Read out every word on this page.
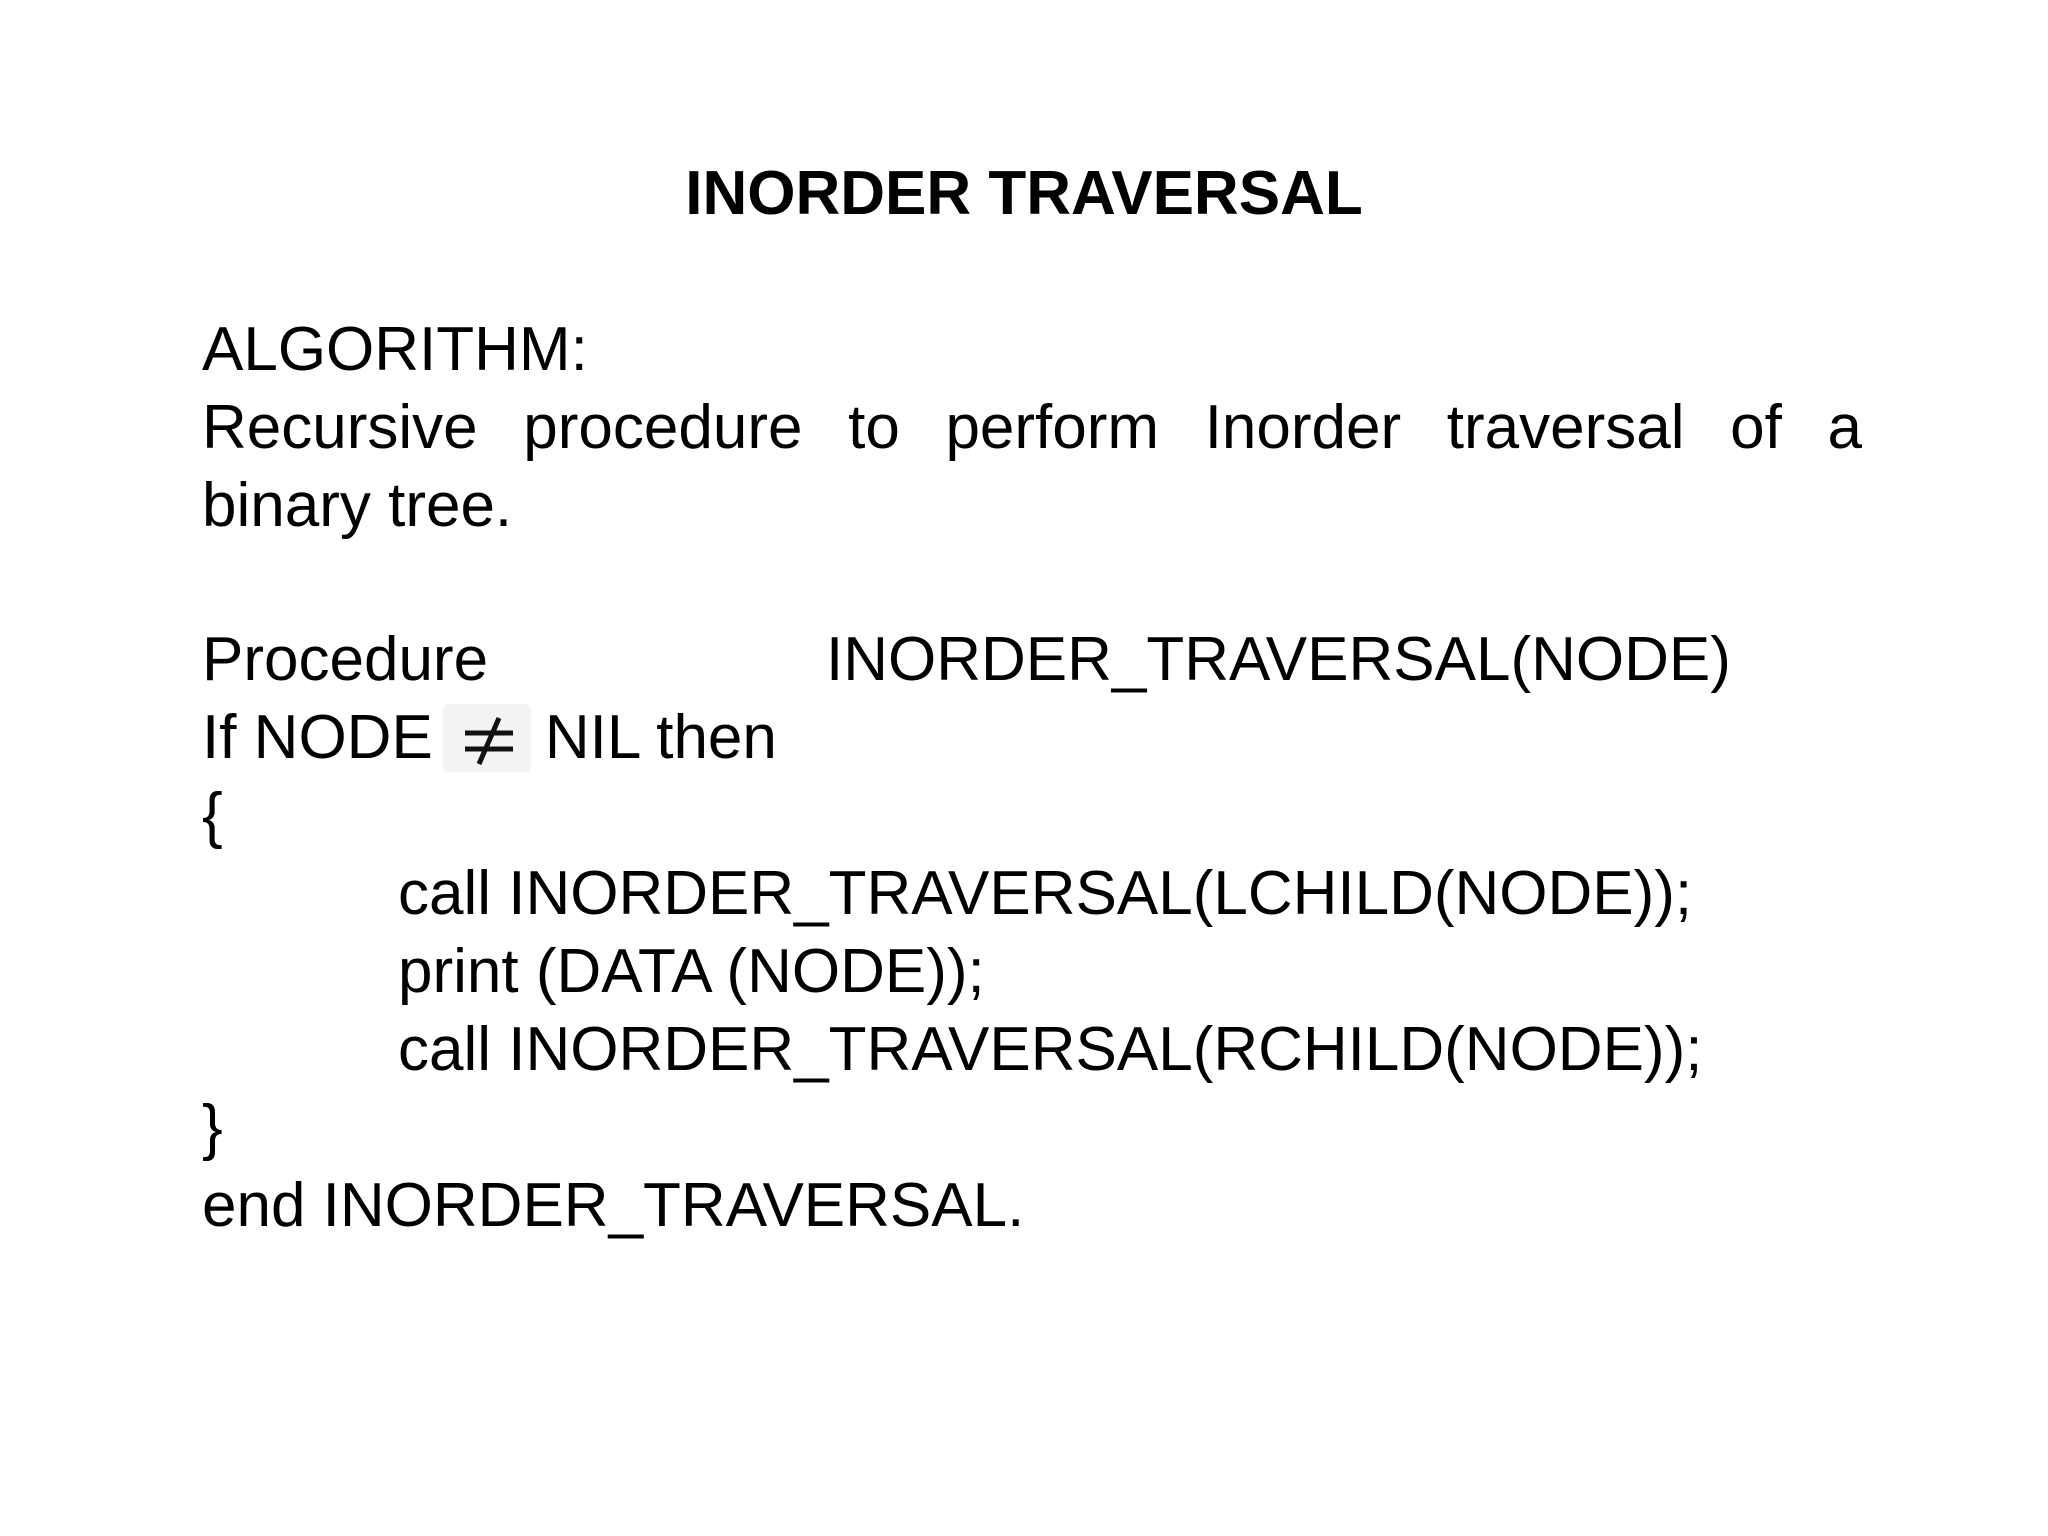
INORDER TRAVERSAL

ALGORITHM:

Recursive procedure to perform Inorder traversal of a

binary tree.

Procedure	INORDER_TRAVERSAL(NODE)

If NODE NIL then

{

call INORDER_TRAVERSAL(LCHILD(NODE));

print (DATA (NODE));

call INORDER_TRAVERSAL(RCHILD(NODE));

}

end INORDER_TRAVERSAL.
